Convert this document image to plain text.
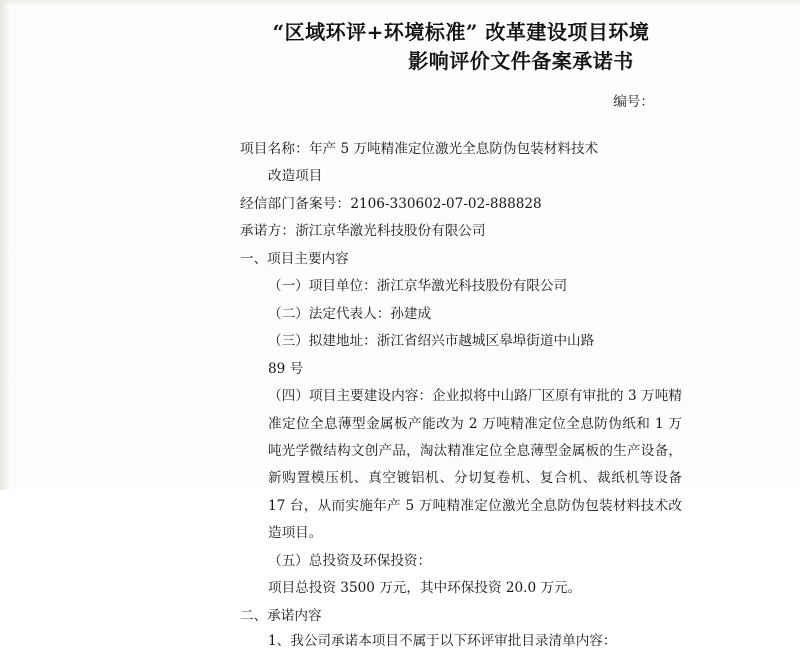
“区域环评+环境标准” 改革建设项目环境
影响评价文件备案承诺书
编号：

项目名称：年产 5 万吨精准定位激光全息防伪包装材料技术

改造项目

经信部门备案号：2106-330602-07-02-888828

承诺方：浙江京华激光科技股份有限公司

一、项目主要内容

（一）项目单位：浙江京华激光科技股份有限公司

（二）法定代表人：孙建成

（三）拟建地址：浙江省绍兴市越城区皋埠街道中山路

89 号

（四）项目主要建设内容：企业拟将中山路厂区原有审批的 3 万吨精准定位全息薄型金属板产能改为 2 万吨精准定位全息防伪纸和 1 万吨光学微结构文创产品，淘汰精准定位全息薄型金属板的生产设备，新购置模压机、真空镀铝机、分切复卷机、复合机、裁纸机等设备 17 台，从而实施年产 5 万吨精准定位激光全息防伪包装材料技术改造项目。

（五）总投资及环保投资：

项目总投资 3500 万元，其中环保投资 20.0 万元。

二、承诺内容

1、我公司承诺本项目不属于以下环评审批目录清单内容：
